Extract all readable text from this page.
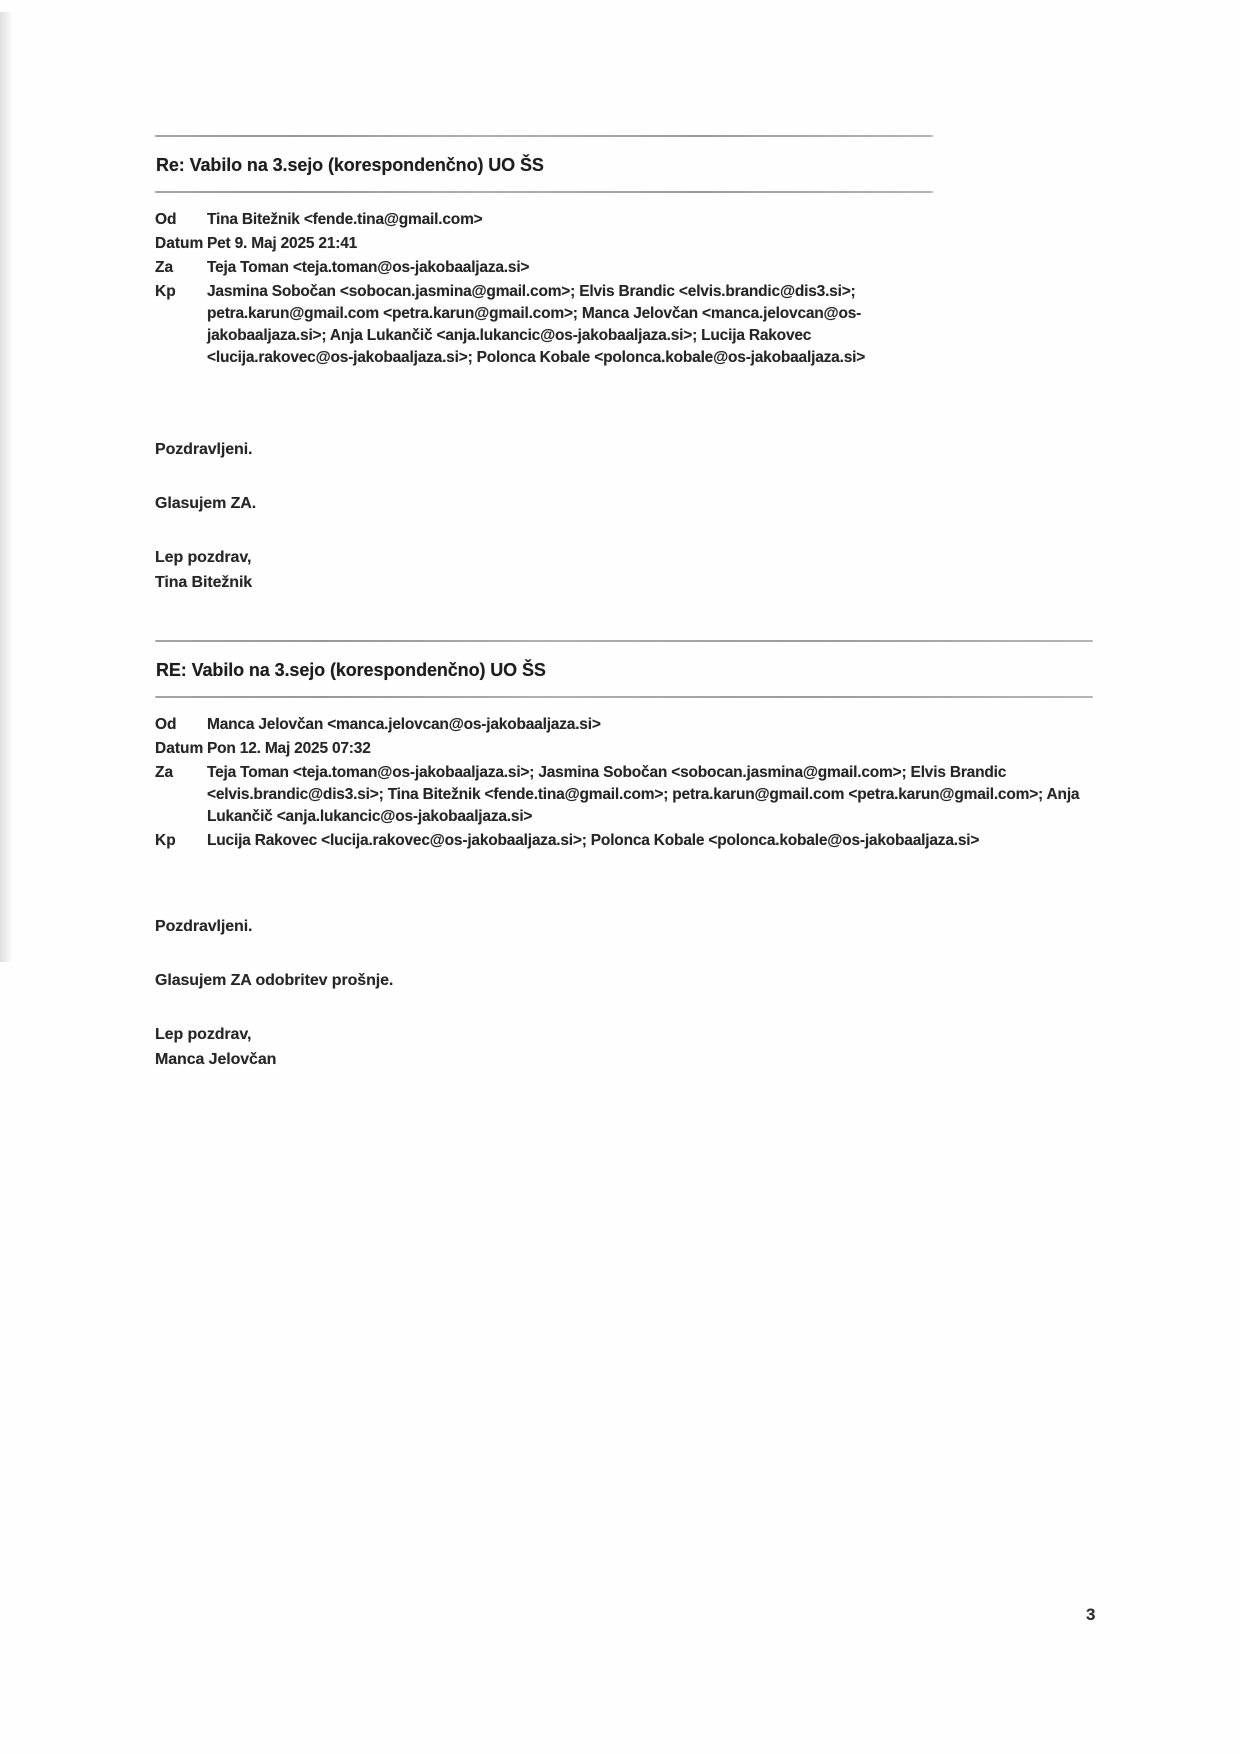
Re: Vabilo na 3.sejo (korespondenčno) UO ŠS
Od	Tina Bitežnik <fende.tina@gmail.com>
Datum Pet 9. Maj 2025 21:41
Za	Teja Toman <teja.toman@os-jakobaaljaza.si>
Kp	Jasmina Sobočan <sobocan.jasmina@gmail.com>; Elvis Brandic <elvis.brandic@dis3.si>; petra.karun@gmail.com <petra.karun@gmail.com>; Manca Jelovčan <manca.jelovcan@os-jakobaaljaza.si>; Anja Lukančič <anja.lukancic@os-jakobaaljaza.si>; Lucija Rakovec <lucija.rakovec@os-jakobaaljaza.si>; Polonca Kobale <polonca.kobale@os-jakobaaljaza.si>

Pozdravljeni.

Glasujem ZA.

Lep pozdrav,
Tina Bitežnik

RE: Vabilo na 3.sejo (korespondenčno) UO ŠS
Od	Manca Jelovčan <manca.jelovcan@os-jakobaaljaza.si>
Datum Pon 12. Maj 2025 07:32
Za	Teja Toman <teja.toman@os-jakobaaljaza.si>; Jasmina Sobočan <sobocan.jasmina@gmail.com>; Elvis Brandic <elvis.brandic@dis3.si>; Tina Bitežnik <fende.tina@gmail.com>; petra.karun@gmail.com <petra.karun@gmail.com>; Anja Lukančič <anja.lukancic@os-jakobaaljaza.si>
Kp	Lucija Rakovec <lucija.rakovec@os-jakobaaljaza.si>; Polonca Kobale <polonca.kobale@os-jakobaaljaza.si>

Pozdravljeni.

Glasujem ZA odobritev prošnje.

Lep pozdrav,
Manca Jelovčan

3
